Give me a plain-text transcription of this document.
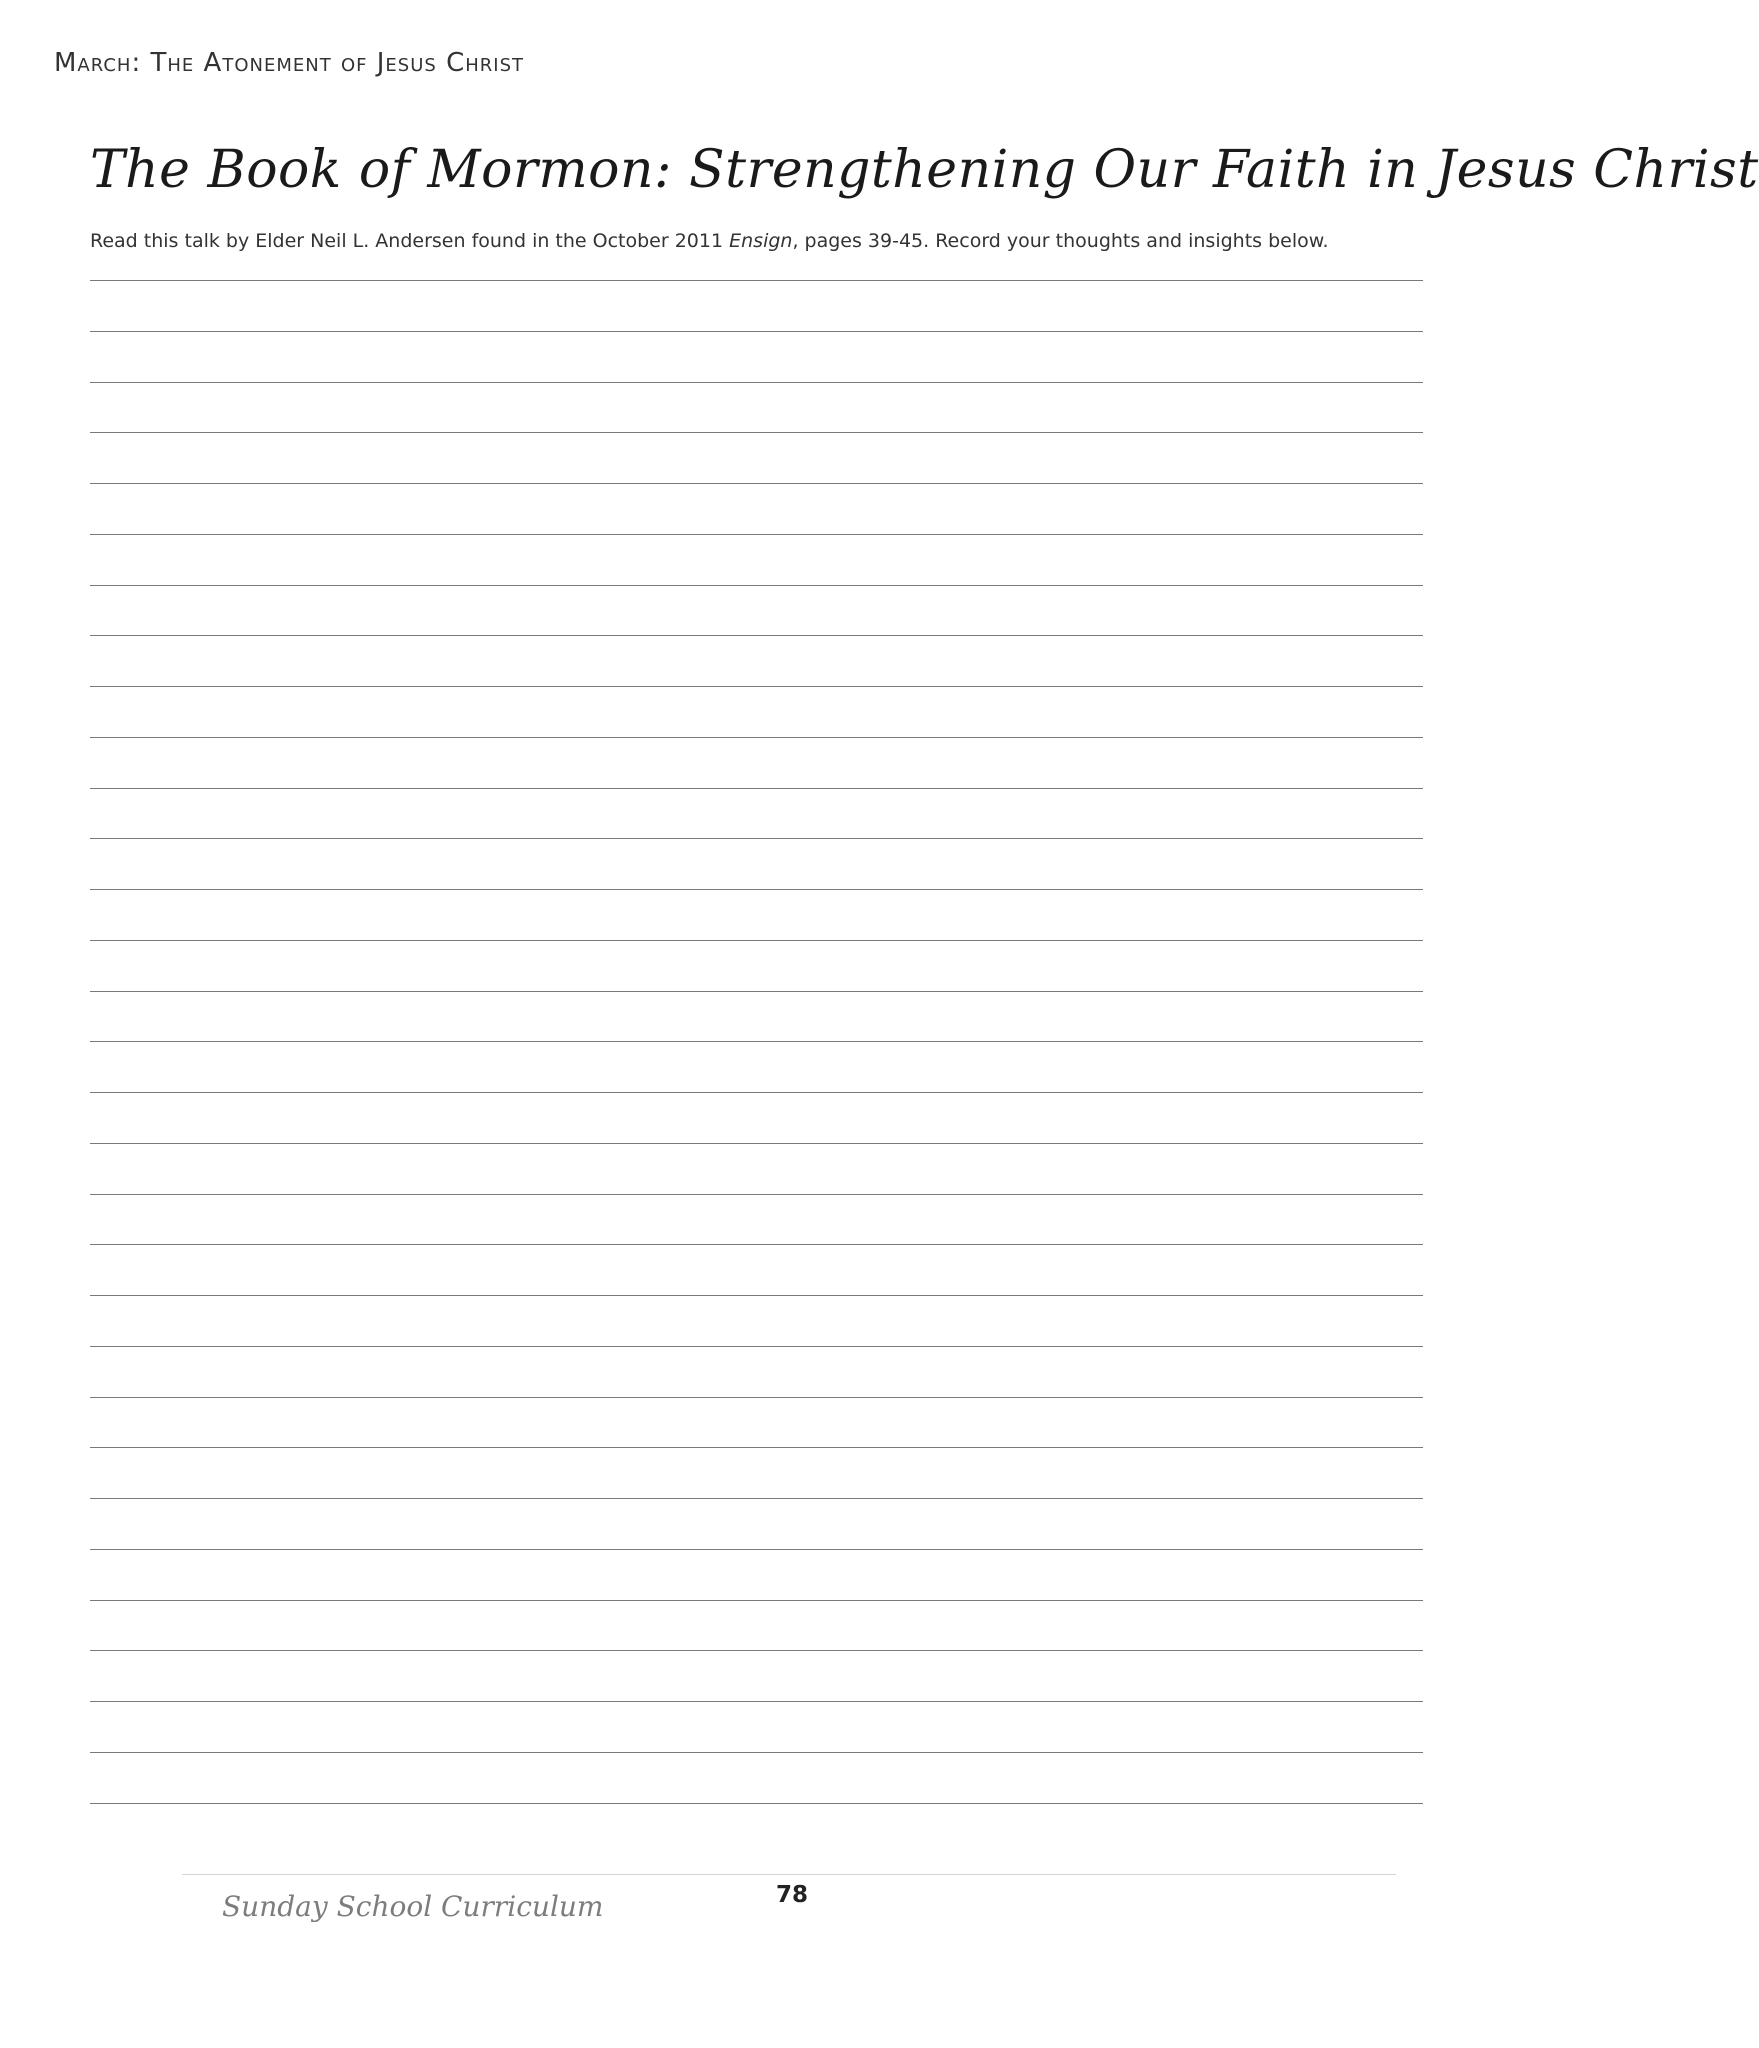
March: The Atonement of Jesus Christ
The Book of Mormon: Strengthening Our Faith in Jesus Christ
Read this talk by Elder Neil L. Andersen found in the October 2011 Ensign, pages 39-45. Record your thoughts and insights below.
Sunday School Curriculum	78
